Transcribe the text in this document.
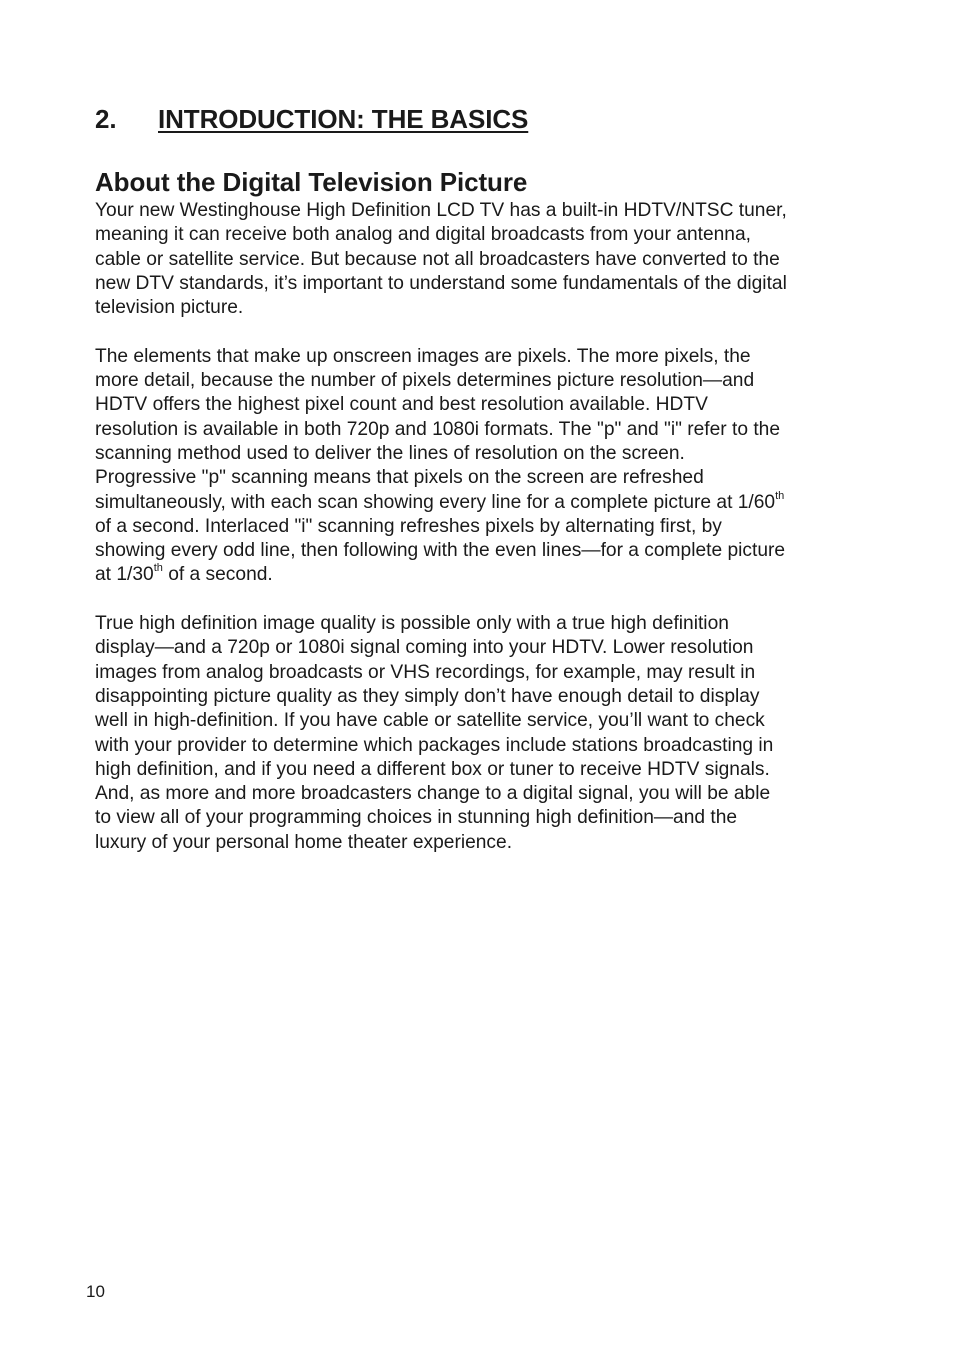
2. INTRODUCTION: THE BASICS
About the Digital Television Picture

Your new Westinghouse High Definition LCD TV has a built-in HDTV/NTSC tuner,
meaning it can receive both analog and digital broadcasts from your antenna,
cable or satellite service. But because not all broadcasters have converted to the
new DTV standards, it’s important to understand some fundamentals of the digital
television picture.

The elements that make up onscreen images are pixels. The more pixels, the
more detail, because the number of pixels determines picture resolution—and
HDTV offers the highest pixel count and best resolution available. HDTV
resolution is available in both 720p and 1080i formats. The "p" and "i" refer to the
scanning method used to deliver the lines of resolution on the screen.
Progressive "p" scanning means that pixels on the screen are refreshed
simultaneously, with each scan showing every line for a complete picture at 1/60th
of a second. Interlaced "i" scanning refreshes pixels by alternating first, by
showing every odd line, then following with the even lines—for a complete picture
at 1/30th of a second.

True high definition image quality is possible only with a true high definition
display—and a 720p or 1080i signal coming into your HDTV. Lower resolution
images from analog broadcasts or VHS recordings, for example, may result in
disappointing picture quality as they simply don’t have enough detail to display
well in high-definition. If you have cable or satellite service, you’ll want to check
with your provider to determine which packages include stations broadcasting in
high definition, and if you need a different box or tuner to receive HDTV signals.
And, as more and more broadcasters change to a digital signal, you will be able
to view all of your programming choices in stunning high definition—and the
luxury of your personal home theater experience.

10
